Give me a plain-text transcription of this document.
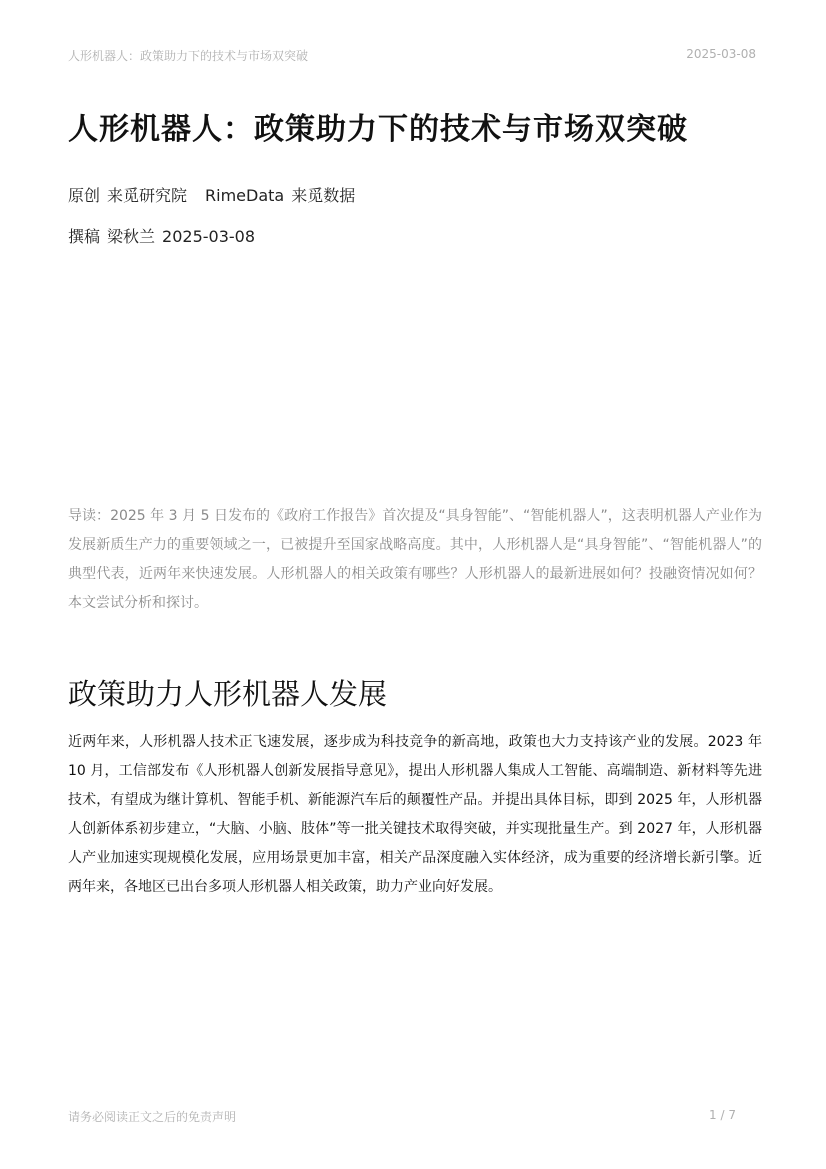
人形机器人：政策助力下的技术与市场双突破	2025-03-08
人形机器人：政策助力下的技术与市场双突破
原创 来觅研究院 RimeData 来觅数据
撰稿 梁秋兰 2025-03-08
导读：2025 年 3 月 5 日发布的《政府工作报告》首次提及“具身智能”、“智能机器人”，这表明机器人产业作为发展新质生产力的重要领域之一，已被提升至国家战略高度。其中，人形机器人是“具身智能”、“智能机器人”的典型代表，近两年来快速发展。人形机器人的相关政策有哪些？人形机器人的最新进展如何？投融资情况如何？本文尝试分析和探讨。
政策助力人形机器人发展
近两年来，人形机器人技术正飞速发展，逐步成为科技竞争的新高地，政策也大力支持该产业的发展。2023 年 10 月，工信部发布《人形机器人创新发展指导意见》，提出人形机器人集成人工智能、高端制造、新材料等先进技术，有望成为继计算机、智能手机、新能源汽车后的颠覆性产品。并提出具体目标，即到 2025 年，人形机器人创新体系初步建立，“大脑、小脑、肢体”等一批关键技术取得突破，并实现批量生产。到 2027 年，人形机器人产业加速实现规模化发展，应用场景更加丰富，相关产品深度融入实体经济，成为重要的经济增长新引擎。近两年来，各地区已出台多项人形机器人相关政策，助力产业向好发展。
请务必阅读正文之后的免责声明	1 / 7
